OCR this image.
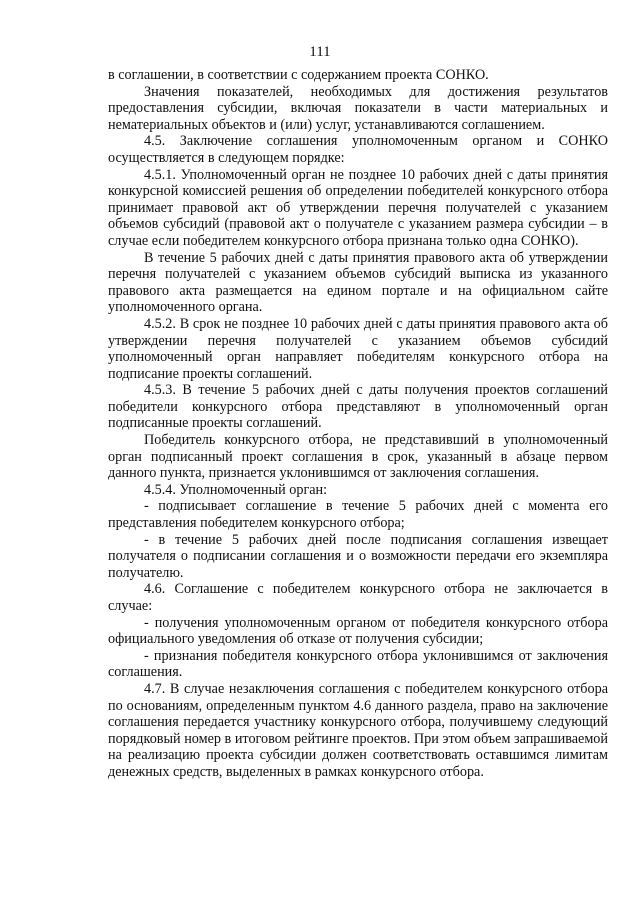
111

в соглашении, в соответствии с содержанием проекта СОНКО.

Значения показателей, необходимых для достижения результатов предоставления субсидии, включая показатели в части материальных и нематериальных объектов и (или) услуг, устанавливаются соглашением.

4.5. Заключение соглашения уполномоченным органом и СОНКО осуществляется в следующем порядке:

4.5.1. Уполномоченный орган не позднее 10 рабочих дней с даты принятия конкурсной комиссией решения об определении победителей конкурсного отбора принимает правовой акт об утверждении перечня получателей с указанием объемов субсидий (правовой акт о получателе с указанием размера субсидии – в случае если победителем конкурсного отбора признана только одна СОНКО).

В течение 5 рабочих дней с даты принятия правового акта об утверждении перечня получателей с указанием объемов субсидий выписка из указанного правового акта размещается на едином портале и на официальном сайте уполномоченного органа.

4.5.2. В срок не позднее 10 рабочих дней с даты принятия правового акта об утверждении перечня получателей с указанием объемов субсидий уполномоченный орган направляет победителям конкурсного отбора на подписание проекты соглашений.

4.5.3. В течение 5 рабочих дней с даты получения проектов соглашений победители конкурсного отбора представляют в уполномоченный орган подписанные проекты соглашений.

Победитель конкурсного отбора, не представивший в уполномоченный орган подписанный проект соглашения в срок, указанный в абзаце первом данного пункта, признается уклонившимся от заключения соглашения.

4.5.4. Уполномоченный орган:

- подписывает соглашение в течение 5 рабочих дней с момента его представления победителем конкурсного отбора;

- в течение 5 рабочих дней после подписания соглашения извещает получателя о подписании соглашения и о возможности передачи его экземпляра получателю.

4.6. Соглашение с победителем конкурсного отбора не заключается в случае:

- получения уполномоченным органом от победителя конкурсного отбора официального уведомления об отказе от получения субсидии;

- признания победителя конкурсного отбора уклонившимся от заключения соглашения.

4.7. В случае незаключения соглашения с победителем конкурсного отбора по основаниям, определенным пунктом 4.6 данного раздела, право на заключение соглашения передается участнику конкурсного отбора, получившему следующий порядковый номер в итоговом рейтинге проектов. При этом объем запрашиваемой на реализацию проекта субсидии должен соответствовать оставшимся лимитам денежных средств, выделенных в рамках конкурсного отбора.
